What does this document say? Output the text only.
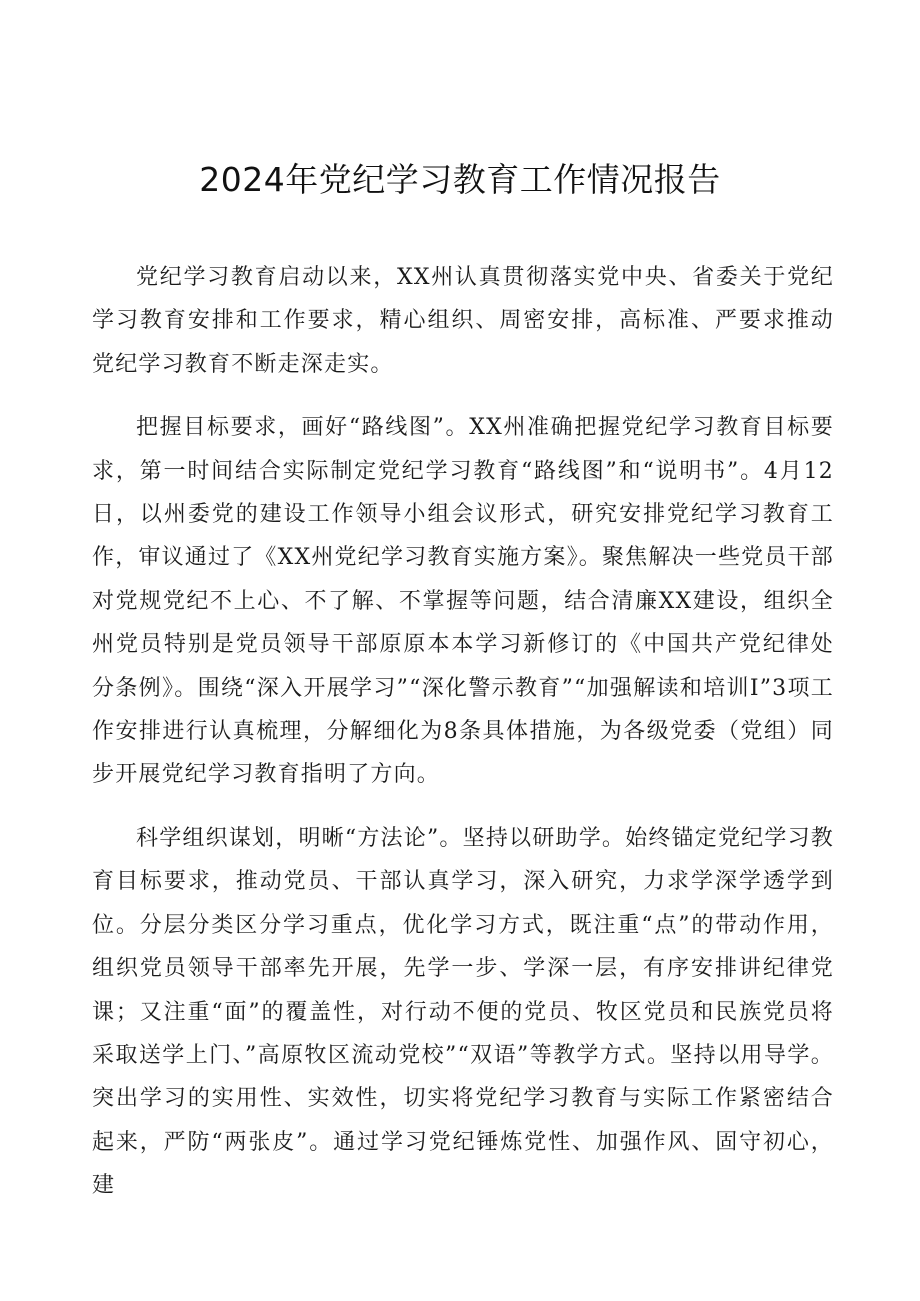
2024年党纪学习教育工作情况报告

党纪学习教育启动以来，XX州认真贯彻落实党中央、省委关于党纪学习教育安排和工作要求，精心组织、周密安排，高标准、严要求推动党纪学习教育不断走深走实。

把握目标要求，画好“路线图”。XX州准确把握党纪学习教育目标要求，第一时间结合实际制定党纪学习教育“路线图”和“说明书”。4月12日，以州委党的建设工作领导小组会议形式，研究安排党纪学习教育工作，审议通过了《XX州党纪学习教育实施方案》。聚焦解决一些党员干部对党规党纪不上心、不了解、不掌握等问题，结合清廉XX建设，组织全州党员特别是党员领导干部原原本本学习新修订的《中国共产党纪律处分条例》。围绕“深入开展学习”“深化警示教育”“加强解读和培训I”3项工作安排进行认真梳理，分解细化为8条具体措施，为各级党委（党组）同步开展党纪学习教育指明了方向。

科学组织谋划，明晰“方法论”。坚持以研助学。始终锚定党纪学习教育目标要求，推动党员、干部认真学习，深入研究，力求学深学透学到位。分层分类区分学习重点，优化学习方式，既注重“点”的带动作用，组织党员领导干部率先开展，先学一步、学深一层，有序安排讲纪律党课；又注重“面”的覆盖性，对行动不便的党员、牧区党员和民族党员将采取送学上门、”高原牧区流动党校”“双语”等教学方式。坚持以用导学。突出学习的实用性、实效性，切实将党纪学习教育与实际工作紧密结合起来，严防“两张皮”。通过学习党纪锤炼党性、加强作风、固守初心，建
